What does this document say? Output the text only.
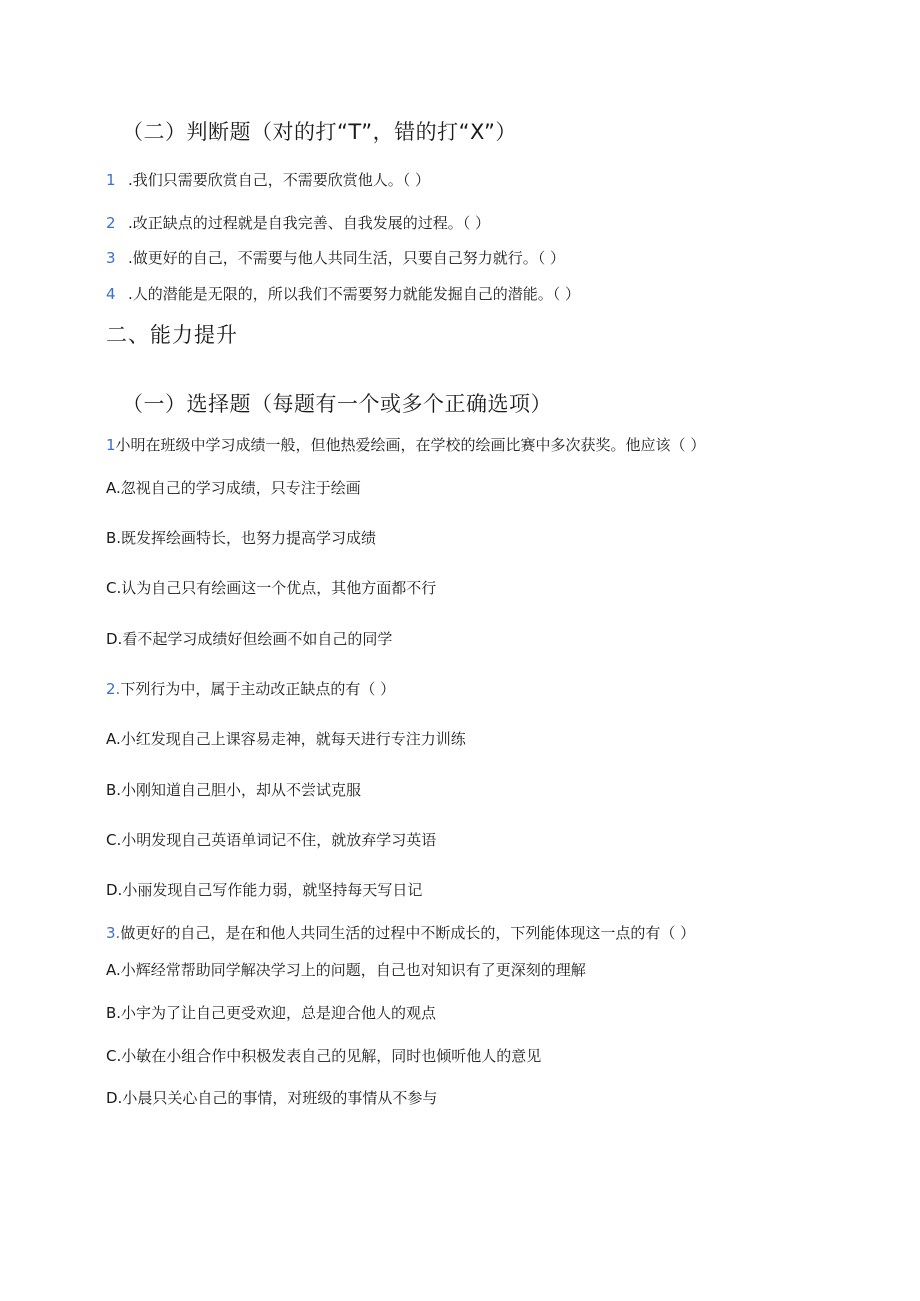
（二）判断题（对的打“T”，错的打“X”）
1 .我们只需要欣赏自己，不需要欣赏他人。（ ）
2 .改正缺点的过程就是自我完善、自我发展的过程。（ ）
3 .做更好的自己，不需要与他人共同生活，只要自己努力就行。（ ）
4 .人的潜能是无限的，所以我们不需要努力就能发掘自己的潜能。（ ）
二、能力提升
（一）选择题（每题有一个或多个正确选项）
1小明在班级中学习成绩一般，但他热爱绘画，在学校的绘画比赛中多次获奖。他应该（ ）
A.忽视自己的学习成绩，只专注于绘画
B.既发挥绘画特长，也努力提高学习成绩
C.认为自己只有绘画这一个优点，其他方面都不行
D.看不起学习成绩好但绘画不如自己的同学
2.下列行为中，属于主动改正缺点的有（ ）
A.小红发现自己上课容易走神，就每天进行专注力训练
B.小刚知道自己胆小，却从不尝试克服
C.小明发现自己英语单词记不住，就放弃学习英语
D.小丽发现自己写作能力弱，就坚持每天写日记
3.做更好的自己，是在和他人共同生活的过程中不断成长的，下列能体现这一点的有（ ）
A.小辉经常帮助同学解决学习上的问题，自己也对知识有了更深刻的理解
B.小宇为了让自己更受欢迎，总是迎合他人的观点
C.小敏在小组合作中积极发表自己的见解，同时也倾听他人的意见
D.小晨只关心自己的事情，对班级的事情从不参与
